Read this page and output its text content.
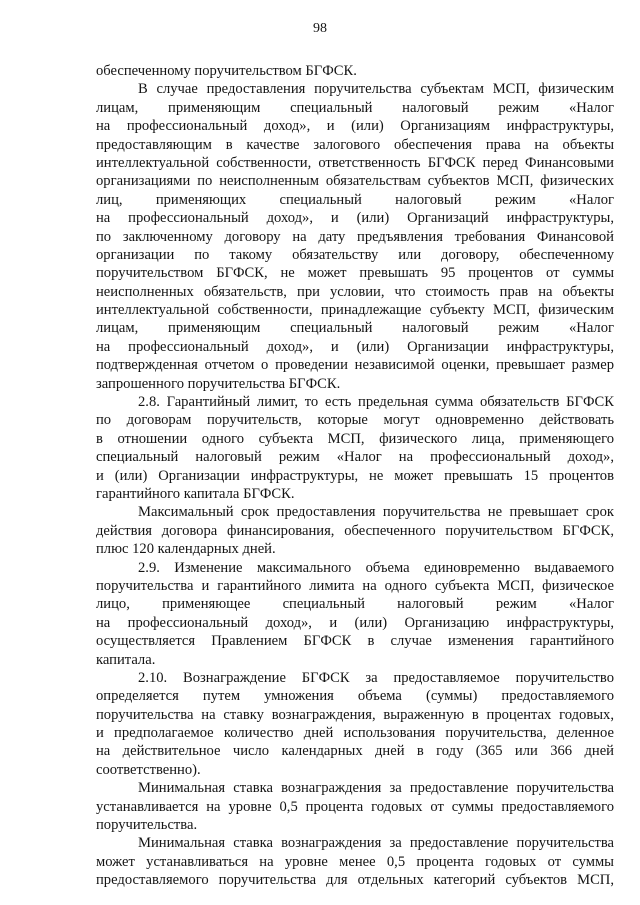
98
обеспеченному поручительством БГФСК.
В случае предоставления поручительства субъектам МСП, физическим
лицам, применяющим специальный налоговый режим «Налог
на профессиональный доход», и (или) Организациям инфраструктуры,
предоставляющим в качестве залогового обеспечения права на объекты
интеллектуальной собственности, ответственность БГФСК перед Финансовыми
организациями по неисполненным обязательствам субъектов МСП, физических
лиц, применяющих специальный налоговый режим «Налог
на профессиональный доход», и (или) Организаций инфраструктуры,
по заключенному договору на дату предъявления требования Финансовой
организации по такому обязательству или договору, обеспеченному
поручительством БГФСК, не может превышать 95 процентов от суммы
неисполненных обязательств, при условии, что стоимость прав на объекты
интеллектуальной собственности, принадлежащие субъекту МСП, физическим
лицам, применяющим специальный налоговый режим «Налог
на профессиональный доход», и (или) Организации инфраструктуры,
подтвержденная отчетом о проведении независимой оценки, превышает размер
запрошенного поручительства БГФСК.
2.8. Гарантийный лимит, то есть предельная сумма обязательств БГФСК
по договорам поручительств, которые могут одновременно действовать
в отношении одного субъекта МСП, физического лица, применяющего
специальный налоговый режим «Налог на профессиональный доход»,
и (или) Организации инфраструктуры, не может превышать 15 процентов
гарантийного капитала БГФСК.
Максимальный срок предоставления поручительства не превышает срок
действия договора финансирования, обеспеченного поручительством БГФСК,
плюс 120 календарных дней.
2.9. Изменение максимального объема единовременно выдаваемого
поручительства и гарантийного лимита на одного субъекта МСП, физическое
лицо, применяющее специальный налоговый режим «Налог
на профессиональный доход», и (или) Организацию инфраструктуры,
осуществляется Правлением БГФСК в случае изменения гарантийного
капитала.
2.10. Вознаграждение БГФСК за предоставляемое поручительство
определяется путем умножения объема (суммы) предоставляемого
поручительства на ставку вознаграждения, выраженную в процентах годовых,
и предполагаемое количество дней использования поручительства, деленное
на действительное число календарных дней в году (365 или 366 дней
соответственно).
Минимальная ставка вознаграждения за предоставление поручительства
устанавливается на уровне 0,5 процента годовых от суммы предоставляемого
поручительства.
Минимальная ставка вознаграждения за предоставление поручительства
может устанавливаться на уровне менее 0,5 процента годовых от суммы
предоставляемого поручительства для отдельных категорий субъектов МСП,
